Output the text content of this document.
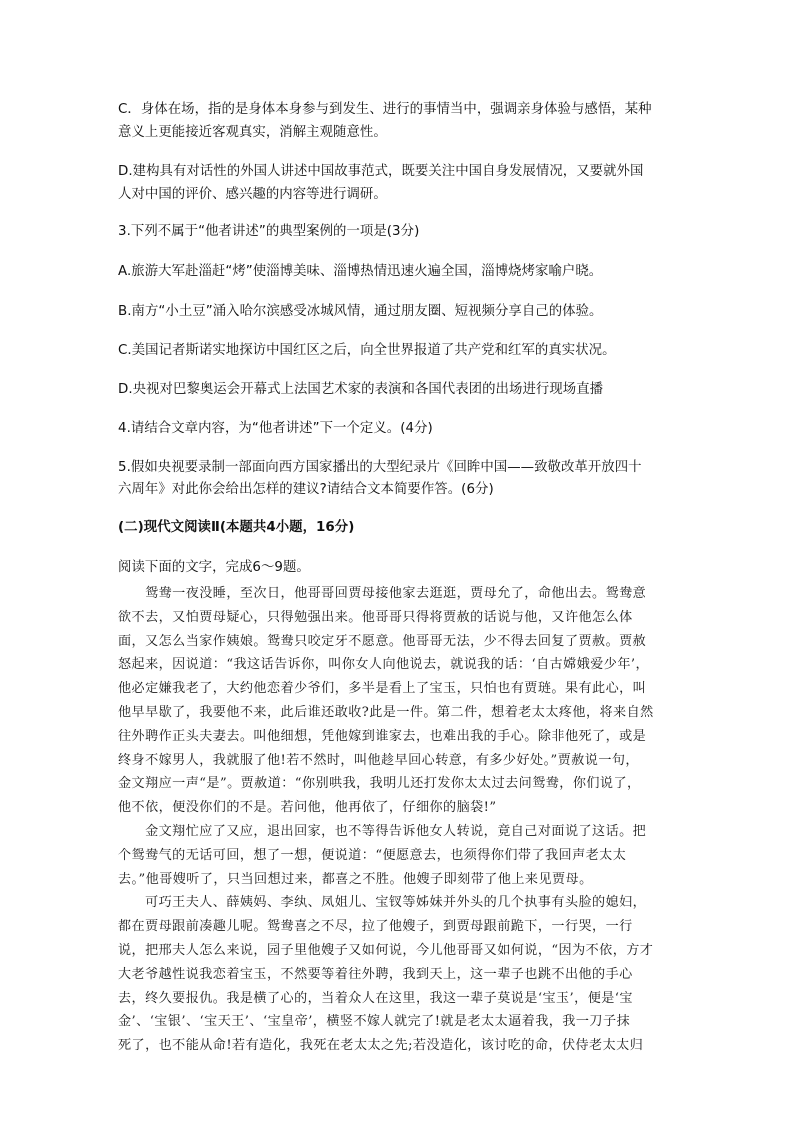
C．身体在场，指的是身体本身参与到发生、进行的事情当中，强调亲身体验与感悟，某种
意义上更能接近客观真实，消解主观随意性。
D.建构具有对话性的外国人讲述中国故事范式，既要关注中国自身发展情况，又要就外国
人对中国的评价、感兴趣的内容等进行调研。
3.下列不属于“他者讲述”的典型案例的一项是(3分)
A.旅游大军赴淄赶“烤”使淄博美味、淄博热情迅速火遍全国，淄博烧烤家喻户晓。
B.南方“小土豆”涌入哈尔滨感受冰城风情，通过朋友圈、短视频分享自己的体验。
C.美国记者斯诺实地探访中国红区之后，向全世界报道了共产党和红军的真实状况。
D.央视对巴黎奥运会开幕式上法国艺术家的表演和各国代表团的出场进行现场直播
4.请结合文章内容，为“他者讲述”下一个定义。(4分)
5.假如央视要录制一部面向西方国家播出的大型纪录片《回眸中国——致敬改革开放四十
六周年》对此你会给出怎样的建议?请结合文本简要作答。(6分)
(二)现代文阅读Ⅱ(本题共4小题，16分)
阅读下面的文字，完成6～9题。
　　鸳鸯一夜没睡，至次日，他哥哥回贾母接他家去逛逛，贾母允了，命他出去。鸳鸯意
欲不去，又怕贾母疑心，只得勉强出来。他哥哥只得将贾赦的话说与他，又许他怎么体
面，又怎么当家作姨娘。鸳鸯只咬定牙不愿意。他哥哥无法，少不得去回复了贾赦。贾赦
怒起来，因说道：“我这话告诉你，叫你女人向他说去，就说我的话：‘自古嫦娥爱少年’，
他必定嫌我老了，大约他恋着少爷们，多半是看上了宝玉，只怕也有贾琏。果有此心，叫
他早早歇了，我要他不来，此后谁还敢收?此是一件。第二件，想着老太太疼他，将来自然
往外聘作正头夫妻去。叫他细想，凭他嫁到谁家去，也难出我的手心。除非他死了，或是
终身不嫁男人，我就服了他!若不然时，叫他趁早回心转意，有多少好处。”贾赦说一句，
金文翔应一声“是”。贾赦道：“你别哄我，我明儿还打发你太太过去问鸳鸯，你们说了，
他不依，便没你们的不是。若问他，他再依了，仔细你的脑袋!”
　　金文翔忙应了又应，退出回家，也不等得告诉他女人转说，竟自己对面说了这话。把
个鸳鸯气的无话可回，想了一想，便说道：“便愿意去，也须得你们带了我回声老太太
去。”他哥嫂听了，只当回想过来，都喜之不胜。他嫂子即刻带了他上来见贾母。
　　可巧王夫人、薛姨妈、李纨、凤姐儿、宝钗等姊妹并外头的几个执事有头脸的媳妇，
都在贾母跟前凑趣儿呢。鸳鸯喜之不尽，拉了他嫂子，到贾母跟前跪下，一行哭，一行
说，把邢夫人怎么来说，园子里他嫂子又如何说，今儿他哥哥又如何说，“因为不依，方才
大老爷越性说我恋着宝玉，不然要等着往外聘，我到天上，这一辈子也跳不出他的手心
去，终久要报仇。我是横了心的，当着众人在这里，我这一辈子莫说是‘宝玉’，便是‘宝
金’、‘宝银’、‘宝天王’、‘宝皇帝’，横竖不嫁人就完了!就是老太太逼着我，我一刀子抹
死了，也不能从命!若有造化，我死在老太太之先;若没造化，该讨吃的命，伏侍老太太归
